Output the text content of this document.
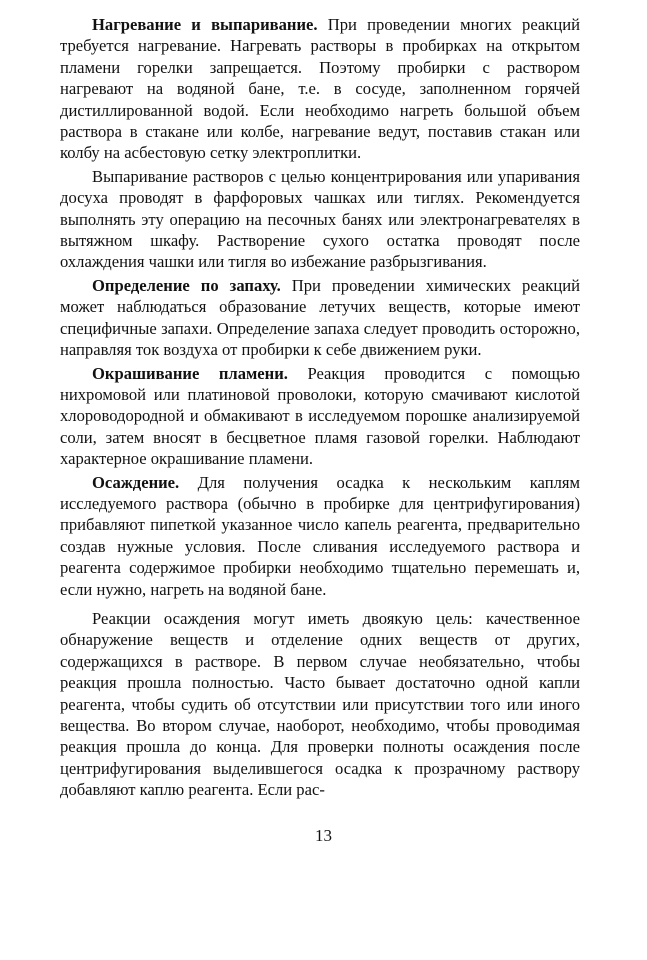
Нагревание и выпаривание. При проведении многих реакций требуется нагревание. Нагревать растворы в пробирках на открытом пламени горелки запрещается. Поэтому пробирки с раствором нагревают на водяной бане, т.е. в сосуде, заполненном горячей дистиллированной водой. Если необходимо нагреть большой объем раствора в стакане или колбе, нагревание ведут, поставив стакан или колбу на асбестовую сетку электроплитки.

Выпаривание растворов с целью концентрирования или упаривания досуха проводят в фарфоровых чашках или тиглях. Рекомендуется выполнять эту операцию на песочных банях или электронагревателях в вытяжном шкафу. Растворение сухого остатка проводят после охлаждения чашки или тигля во избежание разбрызгивания.

Определение по запаху. При проведении химических реакций может наблюдаться образование летучих веществ, которые имеют специфичные запахи. Определение запаха следует проводить осторожно, направляя ток воздуха от пробирки к себе движением руки.

Окрашивание пламени. Реакция проводится с помощью нихромовой или платиновой проволоки, которую смачивают кислотой хлороводородной и обмакивают в исследуемом порошке анализируемой соли, затем вносят в бесцветное пламя газовой горелки. Наблюдают характерное окрашивание пламени.

Осаждение. Для получения осадка к нескольким каплям исследуемого раствора (обычно в пробирке для центрифугирования) прибавляют пипеткой указанное число капель реагента, предварительно создав нужные условия. После сливания исследуемого раствора и реагента содержимое пробирки необходимо тщательно перемешать и, если нужно, нагреть на водяной бане.

Реакции осаждения могут иметь двоякую цель: качественное обнаружение веществ и отделение одних веществ от других, содержащихся в растворе. В первом случае необязательно, чтобы реакция прошла полностью. Часто бывает достаточно одной капли реагента, чтобы судить об отсутствии или присутствии того или иного вещества. Во втором случае, наоборот, необходимо, чтобы проводимая реакция прошла до конца. Для проверки полноты осаждения после центрифугирования выделившегося осадка к прозрачному раствору добавляют каплю реагента. Если рас-

13
